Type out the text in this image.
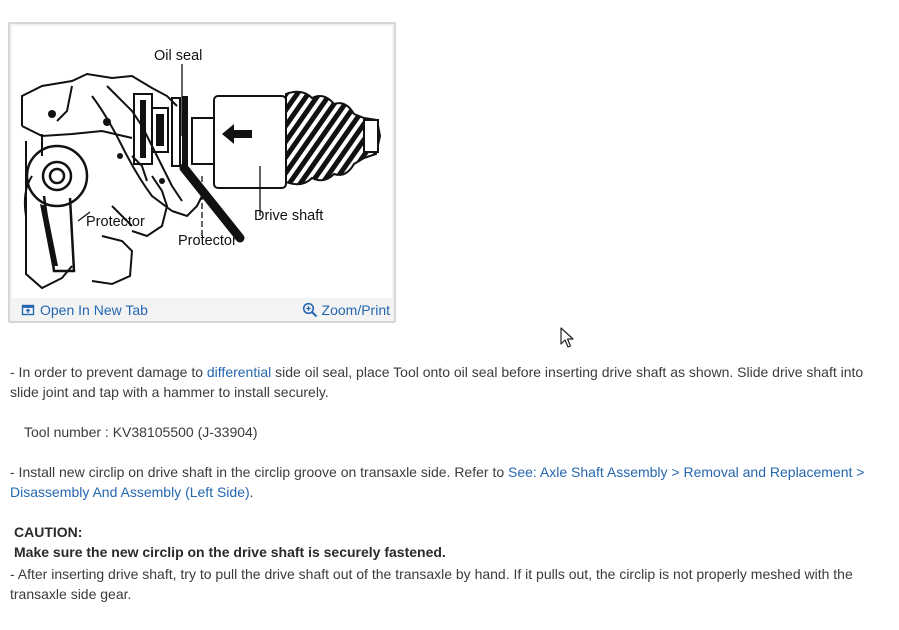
Oil seal
Drive shaft
Protector
Protector
Open In New Tab	Zoom/Print
- In order to prevent damage to differential side oil seal, place Tool onto oil seal before inserting drive shaft as shown. Slide drive shaft into slide joint and tap with a hammer to install securely.
Tool number : KV38105500 (J-33904)
- Install new circlip on drive shaft in the circlip groove on transaxle side. Refer to See: Axle Shaft Assembly > Removal and Replacement > Disassembly And Assembly (Left Side).
CAUTION:
Make sure the new circlip on the drive shaft is securely fastened.
- After inserting drive shaft, try to pull the drive shaft out of the transaxle by hand. If it pulls out, the circlip is not properly meshed with the transaxle side gear.
